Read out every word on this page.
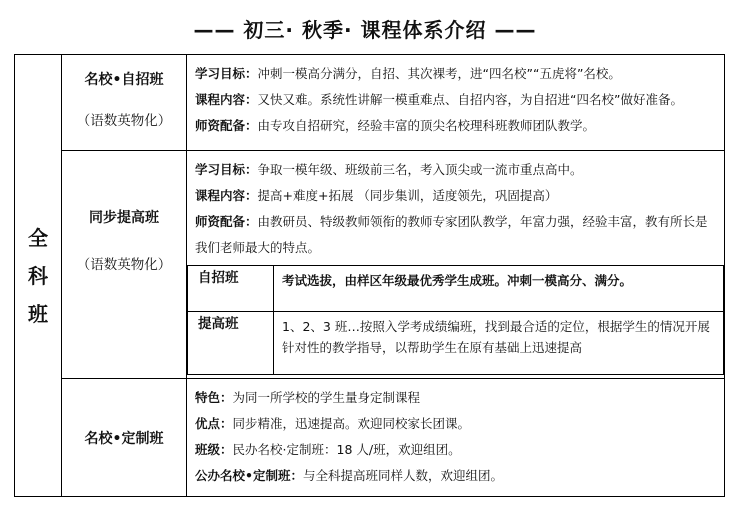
—— 初三· 秋季· 课程体系介绍 ——
全
科
班

名校•自招班
（语数英物化）

学习目标：冲刺一模高分满分，自招、其次裸考，进“四名校”“五虎将”名校。
课程内容：又快又难。系统性讲解一模重难点、自招内容，为自招进“四名校”做好准备。
师资配备：由专攻自招研究，经验丰富的顶尖名校理科班教师团队教学。

同步提高班
（语数英物化）

学习目标：争取一模年级、班级前三名，考入顶尖或一流市重点高中。
课程内容：提高+难度+拓展 （同步集训，适度领先，巩固提高）
师资配备：由教研员、特级教师领衔的教师专家团队教学，年富力强，经验丰富，教有所长是我们老师最大的特点。
自招班	考试选拔，由样区年级最优秀学生成班。冲刺一模高分、满分。
提高班	1、2、3 班…按照入学考成绩编班，找到最合适的定位，根据学生的情况开展针对性的教学指导，以帮助学生在原有基础上迅速提高

名校•定制班

特色：为同一所学校的学生量身定制课程
优点：同步精准，迅速提高。欢迎同校家长团课。
班级：民办名校·定制班：18 人/班，欢迎组团。
公办名校•定制班：与全科提高班同样人数，欢迎组团。
